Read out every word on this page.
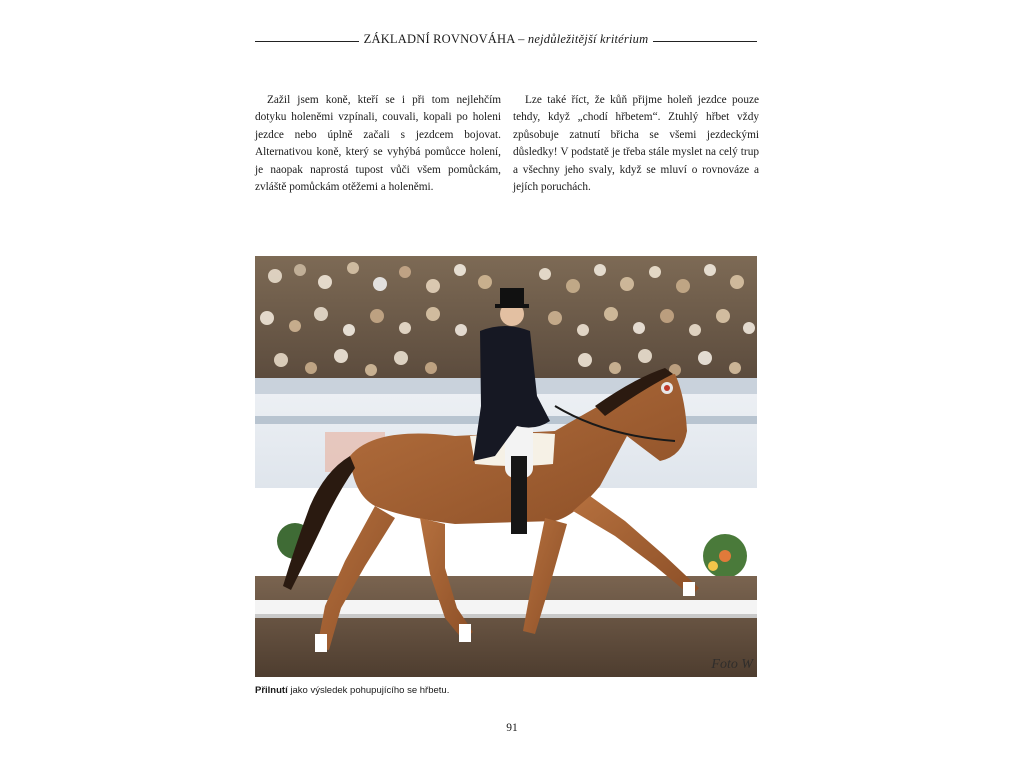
ZÁKLADNÍ ROVNOVÁHA – nejdůležitější kritérium

Zažil jsem koně, kteří se i při tom nejlehčím dotyku holeněmi vzpínali, couvali, kopali po holeni jezdce nebo úplně začali s jezdcem bojovat. Alternativou koně, který se vyhýbá pomůcce holení, je naopak naprostá tupost vůči všem pomůckám, zvláště pomůckám otěžemi a holeněmi.

Lze také říct, že kůň přijme holeň jezdce pouze tehdy, když „chodí hřbetem“. Ztuhlý hřbet vždy způsobuje zatnutí břicha se všemi jezdeckými důsledky! V podstatě je třeba stále myslet na celý trup a všechny jeho svaly, když se mluví o rovnováze a jejích poruchách.

Foto W
Přilnutí jako výsledek pohupujícího se hřbetu.
91
